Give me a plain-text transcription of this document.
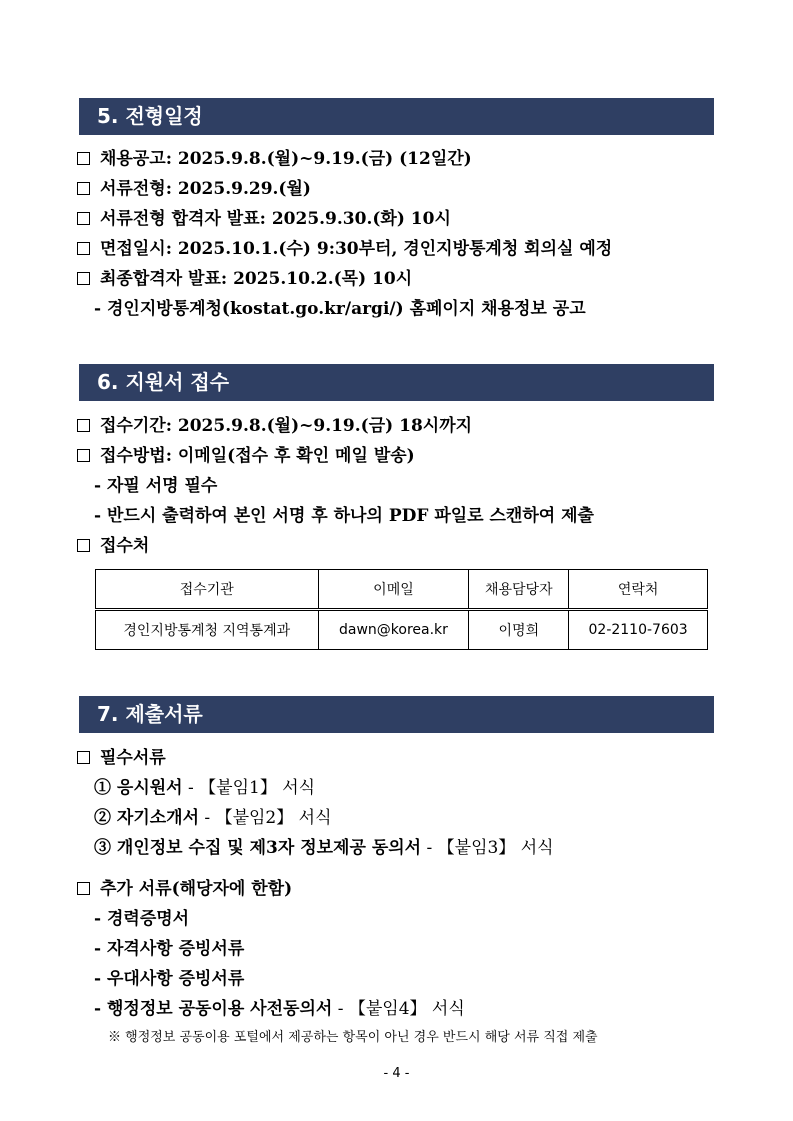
5. 전형일정
채용공고: 2025.9.8.(월)~9.19.(금) (12일간)
서류전형: 2025.9.29.(월)
서류전형 합격자 발표: 2025.9.30.(화) 10시
면접일시: 2025.10.1.(수) 9:30부터, 경인지방통계청 회의실 예정
최종합격자 발표: 2025.10.2.(목) 10시
- 경인지방통계청(kostat.go.kr/argi/) 홈페이지 채용정보 공고
6. 지원서 접수
접수기간: 2025.9.8.(월)~9.19.(금) 18시까지
접수방법: 이메일(접수 후 확인 메일 발송)
- 자필 서명 필수
- 반드시 출력하여 본인 서명 후 하나의 PDF 파일로 스캔하여 제출
접수처
접수기관	이메일	채용담당자	연락처
경인지방통계청 지역통계과	dawn@korea.kr	이명희	02-2110-7603
7. 제출서류
필수서류
① 응시원서 - 【붙임1】 서식
② 자기소개서 - 【붙임2】 서식
③ 개인정보 수집 및 제3자 정보제공 동의서 - 【붙임3】 서식
추가 서류(해당자에 한함)
- 경력증명서
- 자격사항 증빙서류
- 우대사항 증빙서류
- 행정정보 공동이용 사전동의서 - 【붙임4】 서식
※ 행정정보 공동이용 포털에서 제공하는 항목이 아닌 경우 반드시 해당 서류 직접 제출
- 4 -
